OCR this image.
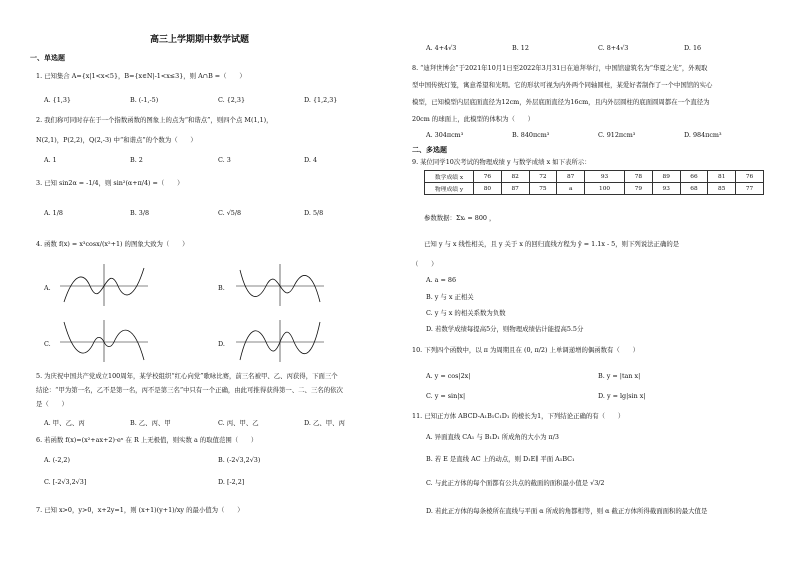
高三上学期期中数学试题
一、单选题
1. 已知集合 A={x|1<x<5}，B={x∈N|-1<x≤3}，则 A∩B =（　　）
A. {1,3}	B. (-1,-5)	C. {2,3}	D. {1,2,3}
2. 我们称可同时存在于一个指数函数的图象上的点为“和谐点”，则四个点 M(1,1)，
N(2,1)，P(2,2)，Q(2,-3) 中“和谐点”的个数为（　　）
A. 1	B. 2	C. 3	D. 4
3. 已知 sin2α = -1/4，则 sin²(α+π/4) =（　　）
A. 1/8	B. 3/8	C. √5/8	D. 5/8
4. 函数 f(x) = x³cosx/(x²+1) 的图象大致为（　　）
A.	B.
C.	D.
5. 为庆祝中国共产党成立100周年，某学校组织“红心向党”歌咏比赛，前三名被甲、乙、丙获得，下面三个
结论：“甲为第一名，乙不是第一名，丙不是第三名”中只有一个正确，由此可推得获得第一、二、三名的依次
是（　　）
A. 甲、乙、丙	B. 乙、丙、甲	C. 丙、甲、乙	D. 乙、甲、丙
6. 若函数 f(x)=(x²+ax+2)·eˣ 在 R 上无极值，则实数 a 的取值范围（　　）
A. (-2,2)	B. (-2√3,2√3)
C. [-2√3,2√3]	D. [-2,2]
7. 已知 x>0，y>0，x+2y=1，则 (x+1)(y+1)/xy 的最小值为（　　）
A. 4+4√3	B. 12	C. 8+4√3	D. 16
8. “迪拜世博会”于2021年10月1日至2022年3月31日在迪拜举行，中国馆建筑名为“华夏之光”，外观取
型中国传统灯笼，寓意希望和光明。它的形状可视为内外两个同轴圆柱，某爱好者制作了一个中国馆的实心
模型，已知模型内层底面直径为12cm，外层底面直径为16cm，且内外层圆柱的底面圆周都在一个直径为
20cm 的球面上，此模型的体积为（　　）
A. 304πcm³	B. 840πcm³	C. 912πcm³	D. 984πcm³
二、多选题
9. 某位同学10次考试的物理成绩 y 与数学成绩 x 如下表所示：
数学成绩 x	76	82	72	87	93	78	89	66	81	76
物理成绩 y	80	87	75	a	100	79	93	68	85	77
参数数据：Σxᵢ = 800 ，
已知 y 与 x 线性相关，且 y 关于 x 的回归直线方程为 ŷ = 1.1x - 5，则下列说法正确的是
（　　）
A. a = 86
B. y 与 x 正相关
C. y 与 x 的相关系数为负数
D. 若数学成绩每提高5分，则物理成绩估计能提高5.5分
10. 下列四个函数中，以 π 为周期且在 (0, π/2) 上单调递增的偶函数有（　　）
A. y = cos|2x|	B. y = |tan x|
C. y = sin|x|	D. y = lg|sin x|
11. 已知正方体 ABCD-A₁B₁C₁D₁ 的棱长为1，下列结论正确的有（　　）
A. 异面直线 CA₁ 与 B₁D₁ 所成角的大小为 π/3
B. 若 E 是直线 AC 上的动点，则 D₁E∥ 平面 A₁BC₁
C. 与此正方体的每个面都有公共点的截面的面积最小值是 √3/2
D. 若此正方体的每条棱所在直线与平面 α 所成的角都相等，则 α 截正方体所得截面面积的最大值是
